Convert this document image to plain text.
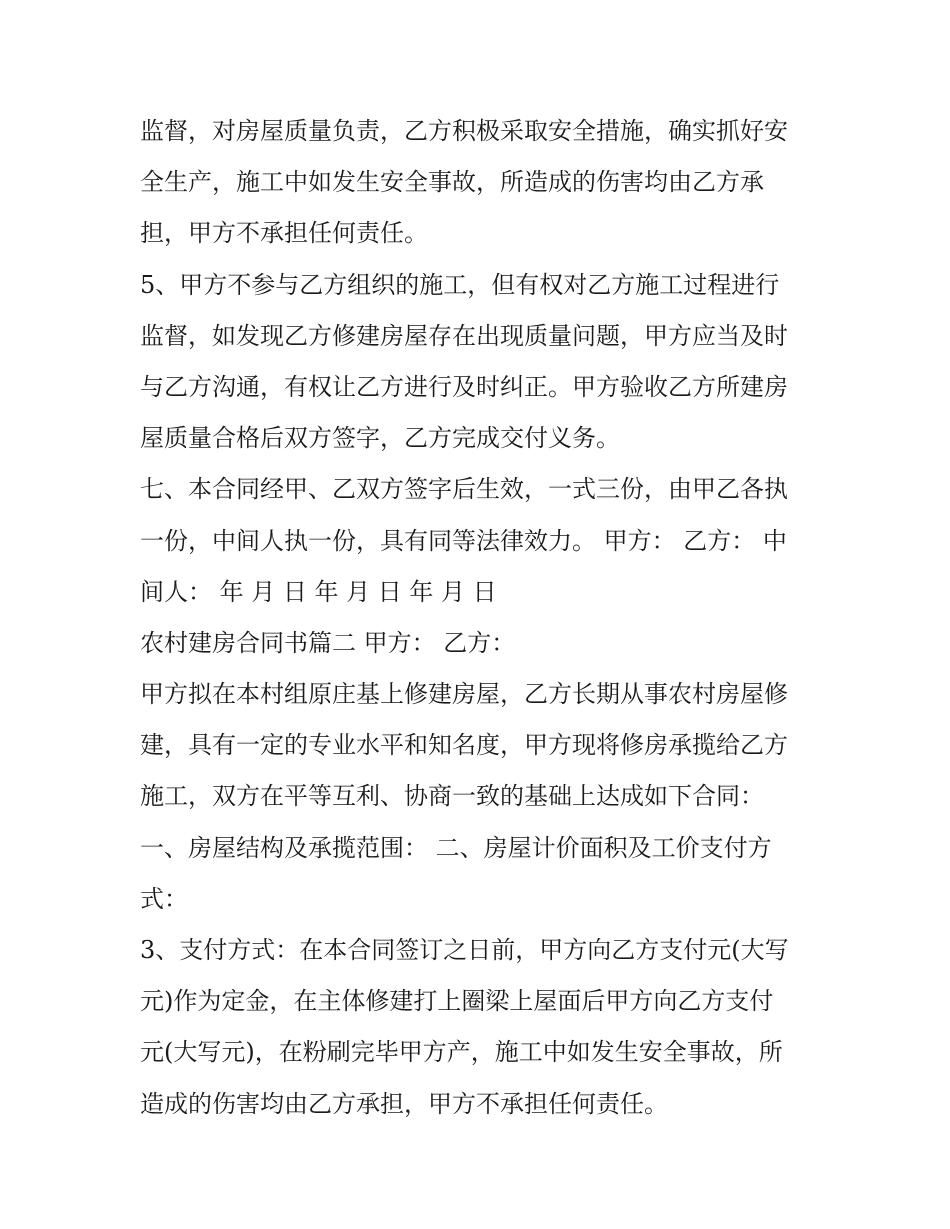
监督，对房屋质量负责，乙方积极采取安全措施，确实抓好安
全生产，施工中如发生安全事故，所造成的伤害均由乙方承
担，甲方不承担任何责任。
5、甲方不参与乙方组织的施工，但有权对乙方施工过程进行
监督，如发现乙方修建房屋存在出现质量问题，甲方应当及时
与乙方沟通，有权让乙方进行及时纠正。甲方验收乙方所建房
屋质量合格后双方签字，乙方完成交付义务。
七、本合同经甲、乙双方签字后生效，一式三份，由甲乙各执
一份，中间人执一份，具有同等法律效力。 甲方： 乙方： 中
间人： 年 月 日 年 月 日 年 月 日
农村建房合同书篇二 甲方： 乙方：
甲方拟在本村组原庄基上修建房屋，乙方长期从事农村房屋修
建，具有一定的专业水平和知名度，甲方现将修房承揽给乙方
施工，双方在平等互利、协商一致的基础上达成如下合同：
一、房屋结构及承揽范围： 二、房屋计价面积及工价支付方
式：
3、支付方式：在本合同签订之日前，甲方向乙方支付元(大写
元)作为定金，在主体修建打上圈梁上屋面后甲方向乙方支付
元(大写元)，在粉刷完毕甲方产，施工中如发生安全事故，所
造成的伤害均由乙方承担，甲方不承担任何责任。
